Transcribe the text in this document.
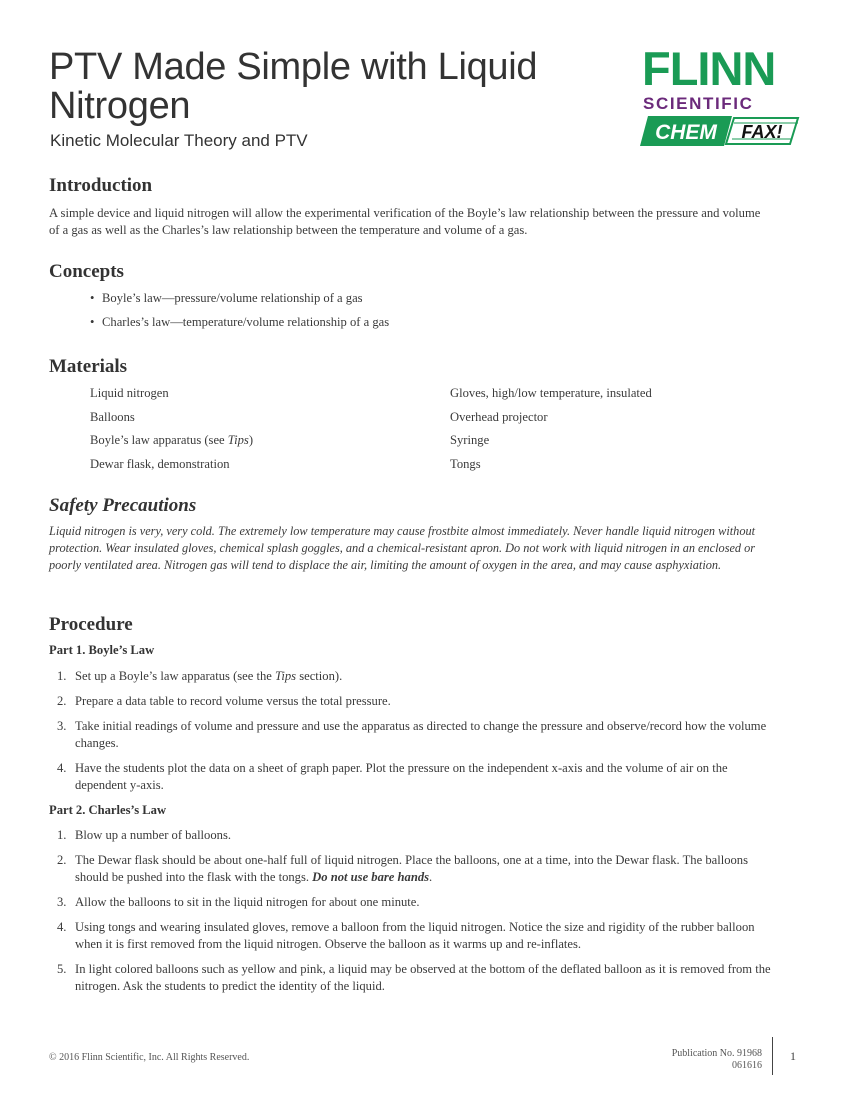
PTV Made Simple with Liquid Nitrogen
Kinetic Molecular Theory and PTV
FLINN
SCIENTIFIC
CHEM FAX!
Introduction

A simple device and liquid nitrogen will allow the experimental verification of the Boyle’s law relationship between the pressure and volume of a gas as well as the Charles’s law relationship between the temperature and volume of a gas.

Concepts
• Boyle’s law—pressure/volume relationship of a gas
• Charles’s law—temperature/volume relationship of a gas
Materials
Liquid nitrogen	Gloves, high/low temperature, insulated
Balloons	Overhead projector
Boyle’s law apparatus (see Tips)	Syringe
Dewar flask, demonstration	Tongs
Safety Precautions

Liquid nitrogen is very, very cold. The extremely low temperature may cause frostbite almost immediately. Never handle liquid nitrogen without protection. Wear insulated gloves, chemical splash goggles, and a chemical-resistant apron. Do not work with liquid nitrogen in an enclosed or poorly ventilated area. Nitrogen gas will tend to displace the air, limiting the amount of oxygen in the area, and may cause asphyxiation.

Procedure
Part 1. Boyle’s Law
1. Set up a Boyle’s law apparatus (see the Tips section).
2. Prepare a data table to record volume versus the total pressure.
3. Take initial readings of volume and pressure and use the apparatus as directed to change the pressure and observe/record how the volume changes.
4. Have the students plot the data on a sheet of graph paper. Plot the pressure on the independent x-axis and the volume of air on the dependent y-axis.
Part 2. Charles’s Law
1. Blow up a number of balloons.
2. The Dewar flask should be about one-half full of liquid nitrogen. Place the balloons, one at a time, into the Dewar flask. The balloons should be pushed into the flask with the tongs. Do not use bare hands.
3. Allow the balloons to sit in the liquid nitrogen for about one minute.
4. Using tongs and wearing insulated gloves, remove a balloon from the liquid nitrogen. Notice the size and rigidity of the rubber balloon when it is first removed from the liquid nitrogen. Observe the balloon as it warms up and re-inflates.
5. In light colored balloons such as yellow and pink, a liquid may be observed at the bottom of the deflated balloon as it is removed from the nitrogen. Ask the students to predict the identity of the liquid.
© 2016 Flinn Scientific, Inc. All Rights Reserved.	Publication No. 91968
061616
1
